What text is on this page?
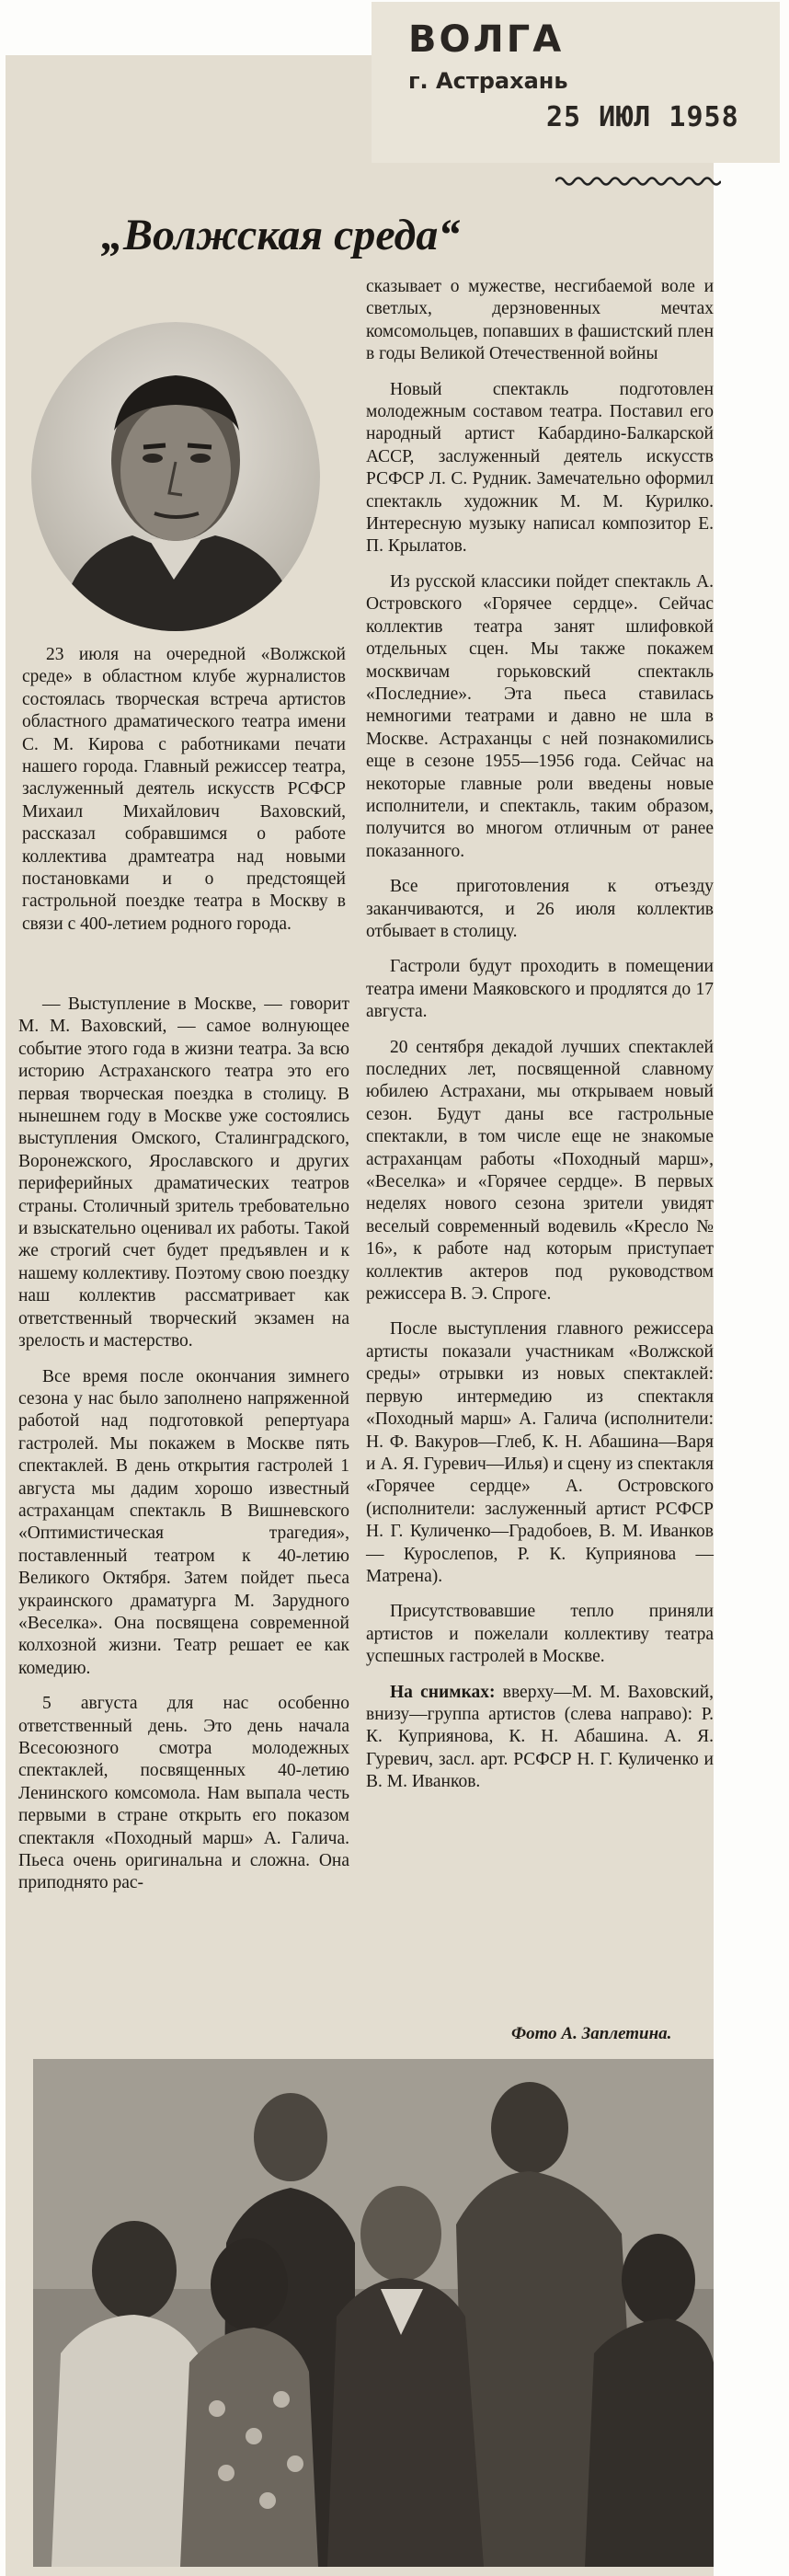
ВОЛГА
г. Астрахань
25 ИЮЛ 1958
„Волжская среда“

23 июля на очередной «Волжской среде» в областном клубе журналистов состоялась творческая встреча артистов областного драматического театра имени С. М. Кирова с работниками печати нашего города. Главный режиссер театра, заслуженный деятель искусств РСФСР Михаил Михайлович Ваховский, рассказал собравшимся о работе коллектива драмтеатра над новыми постановками и о предстоящей гастрольной поездке театра в Москву в связи с 400-летием родного города.

— Выступление в Москве, — говорит М. М. Ваховский, — самое волнующее событие этого года в жизни театра. За всю историю Астраханского театра это его первая творческая поездка в столицу. В нынешнем году в Москве уже состоялись выступления Омского, Сталинградского, Воронежского, Ярославского и других периферийных драматических театров страны. Столичный зритель требовательно и взыскательно оценивал их работы. Такой же строгий счет будет предъявлен и к нашему коллективу. Поэтому свою поездку наш коллектив рассматривает как ответственный творческий экзамен на зрелость и мастерство.

Все время после окончания зимнего сезона у нас было заполнено напряженной работой над подготовкой репертуара гастролей. Мы покажем в Москве пять спектаклей. В день открытия гастролей 1 августа мы дадим хорошо известный астраханцам спектакль В Вишневского «Оптимистическая трагедия», поставленный театром к 40-летию Великого Октября. Затем пойдет пьеса украинского драматурга М. Зарудного «Веселка». Она посвящена современной колхозной жизни. Театр решает ее как комедию.

5 августа для нас особенно ответственный день. Это день начала Всесоюзного смотра молодежных спектаклей, посвященных 40-летию Ленинского комсомола. Нам выпала честь первыми в стране открыть его показом спектакля «Походный марш» А. Галича. Пьеса очень оригинальна и сложна. Она приподнято рас-

сказывает о мужестве, несгибаемой воле и светлых, дерзновенных мечтах комсомольцев, попавших в фашистский плен в годы Великой Отечественной войны

Новый спектакль подготовлен молодежным составом театра. Поставил его народный артист Кабардино-Балкарской АССР, заслуженный деятель искусств РСФСР Л. С. Рудник. Замечательно оформил спектакль художник М. М. Курилко. Интересную музыку написал композитор Е. П. Крылатов.

Из русской классики пойдет спектакль А. Островского «Горячее сердце». Сейчас коллектив театра занят шлифовкой отдельных сцен. Мы также покажем москвичам горьковский спектакль «Последние». Эта пьеса ставилась немногими театрами и давно не шла в Москве. Астраханцы с ней познакомились еще в сезоне 1955—1956 года. Сейчас на некоторые главные роли введены новые исполнители, и спектакль, таким образом, получится во многом отличным от ранее показанного.

Все приготовления к отъезду заканчиваются, и 26 июля коллектив отбывает в столицу.

Гастроли будут проходить в помещении театра имени Маяковского и продлятся до 17 августа.

20 сентября декадой лучших спектаклей последних лет, посвященной славному юбилею Астрахани, мы открываем новый сезон. Будут даны все гастрольные спектакли, в том числе еще не знакомые астраханцам работы «Походный марш», «Веселка» и «Горячее сердце». В первых неделях нового сезона зрители увидят веселый современный водевиль «Кресло № 16», к работе над которым приступает коллектив актеров под руководством режиссера В. Э. Спроге.

После выступления главного режиссера артисты показали участникам «Волжской среды» отрывки из новых спектаклей: первую интермедию из спектакля «Походный марш» А. Галича (исполнители: Н. Ф. Вакуров—Глеб, К. Н. Абашина—Варя и А. Я. Гуревич—Илья) и сцену из спектакля «Горячее сердце» А. Островского (исполнители: заслуженный артист РСФСР Н. Г. Куличенко—Градобоев, В. М. Иванков — Курослепов, Р. К. Куприянова — Матрена).

Присутствовавшие тепло приняли артистов и пожелали коллективу театра успешных гастролей в Москве.

На снимках: вверху—М. М. Ваховский, внизу—группа артистов (слева направо): Р. К. Куприянова, К. Н. Абашина. А. Я. Гуревич, засл. арт. РСФСР Н. Г. Куличенко и В. М. Иванков.

Фото А. Заплетина.
